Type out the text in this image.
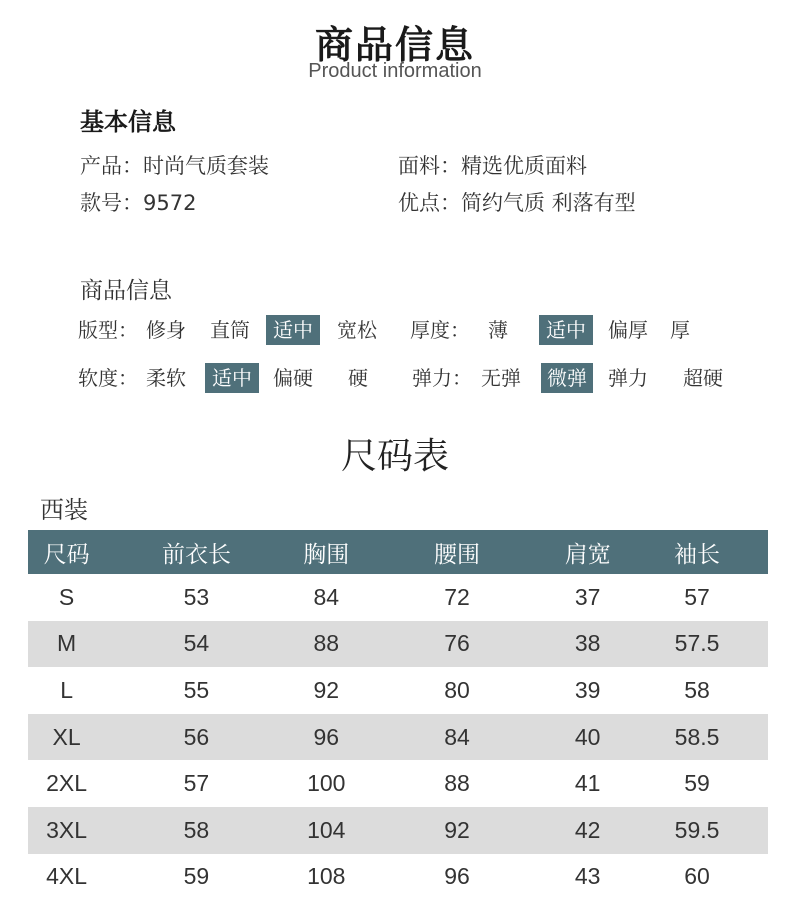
商品信息
Product information
基本信息
产品：时尚气质套装	面料：精选优质面料
款号：9572	优点：简约气质 利落有型
商品信息
版型： 修身 直筒	适中	宽松 厚度： 薄	适中	偏厚 厚
软度： 柔软	适中	偏硬 硬 弹力： 无弹	微弹	弹力 超硬
尺码表
西装
尺码	前衣长	胸围	腰围	肩宽	袖长
S	53	84	72	37	57
M	54	88	76	38	57.5
L	55	92	80	39	58
XL	56	96	84	40	58.5
2XL	57	100	88	41	59
3XL	58	104	92	42	59.5
4XL	59	108	96	43	60
